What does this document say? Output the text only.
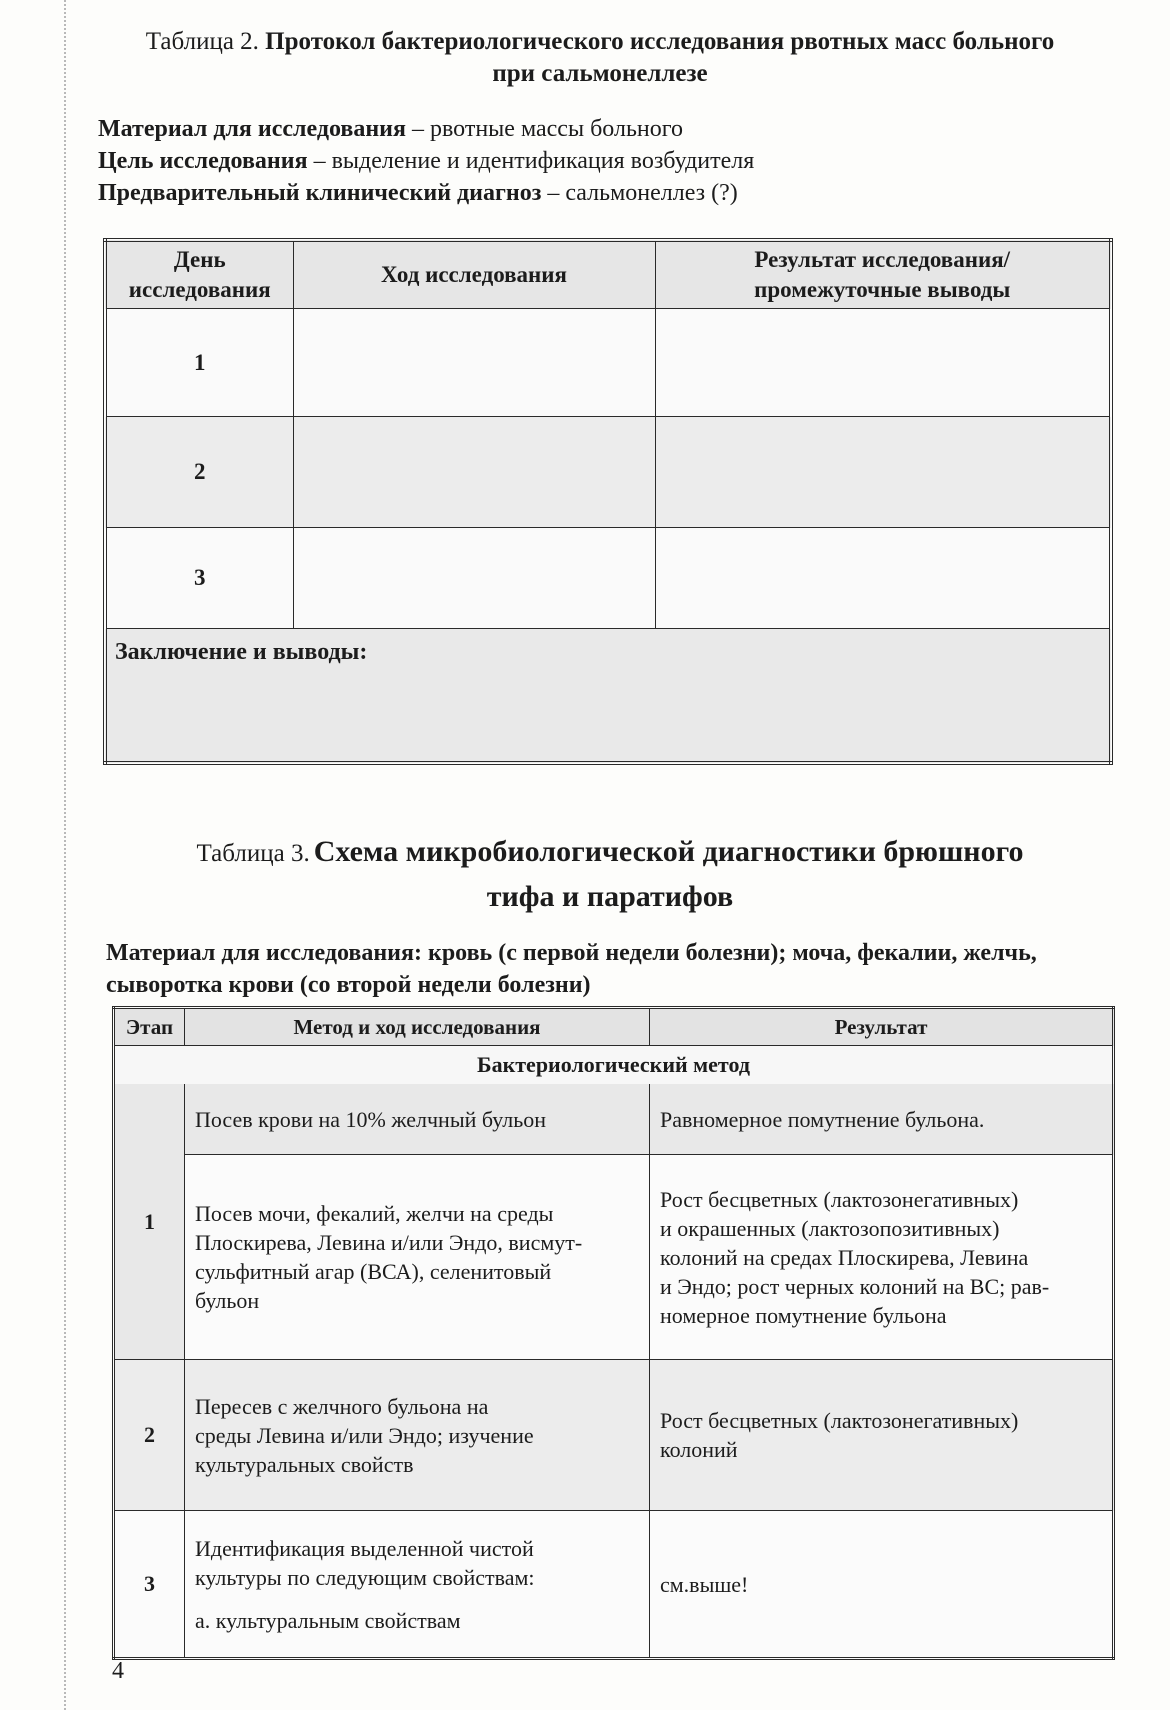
Таблица 2. Протокол бактериологического исследования рвотных масс больного
при сальмонеллезе
Материал для исследования – рвотные массы больного
Цель исследования – выделение и идентификация возбудителя
Предварительный клинический диагноз – сальмонеллез (?)
День
исследования	Ход исследования	Результат исследования/
промежуточные выводы
1		
2		
3		
Заключение и выводы:		
Таблица 3. Схема микробиологической диагностики брюшного
тифа и паратифов
Материал для исследования: кровь (с первой недели болезни); моча, фекалии, желчь,
сыворотка крови (со второй недели болезни)
Этап	Метод и ход исследования	Результат
Бактериологический метод		
1	Посев крови на 10% желчный бульон	Равномерное помутнение бульона.
	Посев мочи, фекалий, желчи на среды
Плоскирева, Левина и/или Эндо, висмут-
сульфитный агар (ВСА), селенитовый
бульон	Рост бесцветных (лактозонегативных)
и окрашенных (лактозопозитивных)
колоний на средах Плоскирева, Левина
и Эндо; рост черных колоний на ВС; рав-
номерное помутнение бульона
2	Пересев с желчного бульона на
среды Левина и/или Эндо; изучение
культуральных свойств	Рост бесцветных (лактозонегативных)
колоний
3	Идентификация выделенной чистой
культуры по следующим свойствам:
а. культуральным свойствам	см.выше!
4
